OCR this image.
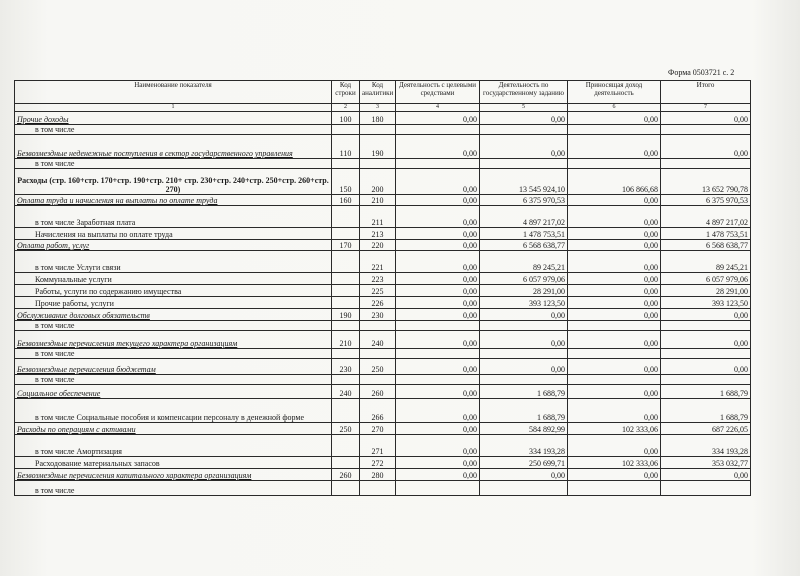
Форма 0503721 с. 2
Наименование показателя	Код строки	Код аналитики	Деятельность с целевыми средствами	Деятельность по государственному заданию	Приносящая доход деятельность	Итого
1	2	3	4	5	6	7
Прочие доходы	100	180	0,00	0,00	0,00	0,00
в том числе						
Безвозмездные неденежные поступления в сектор государственного управления	110	190	0,00	0,00	0,00	0,00
в том числе						
Расходы (стр. 160+стр. 170+стр. 190+стр. 210+ стр. 230+стр. 240+стр. 250+стр. 260+стр. 270)	150	200	0,00	13 545 924,10	106 866,68	13 652 790,78
Оплата труда и начисления на выплаты по оплате труда	160	210	0,00	6 375 970,53	0,00	6 375 970,53
в том числе Заработная плата		211	0,00	4 897 217,02	0,00	4 897 217,02
Начисления на выплаты по оплате труда		213	0,00	1 478 753,51	0,00	1 478 753,51
Оплата работ, услуг	170	220	0,00	6 568 638,77	0,00	6 568 638,77
в том числе Услуги связи		221	0,00	89 245,21	0,00	89 245,21
Коммунальные услуги		223	0,00	6 057 979,06	0,00	6 057 979,06
Работы, услуги по содержанию имущества		225	0,00	28 291,00	0,00	28 291,00
Прочие работы, услуги		226	0,00	393 123,50	0,00	393 123,50
Обслуживание долговых обязательств	190	230	0,00	0,00	0,00	0,00
в том числе						
Безвозмездные перечисления текущего характера организациям	210	240	0,00	0,00	0,00	0,00
в том числе						
Безвозмездные перечисления бюджетам	230	250	0,00	0,00	0,00	0,00
в том числе						
Социальное обеспечение	240	260	0,00	1 688,79	0,00	1 688,79
в том числе Социальные пособия и компенсации персоналу в денежной форме		266	0,00	1 688,79	0,00	1 688,79
Расходы по операциям с активами	250	270	0,00	584 892,99	102 333,06	687 226,05
в том числе Амортизация		271	0,00	334 193,28	0,00	334 193,28
Расходование материальных запасов		272	0,00	250 699,71	102 333,06	353 032,77
Безвозмездные перечисления капитального характера организациям	260	280	0,00	0,00	0,00	0,00
в том числе						
